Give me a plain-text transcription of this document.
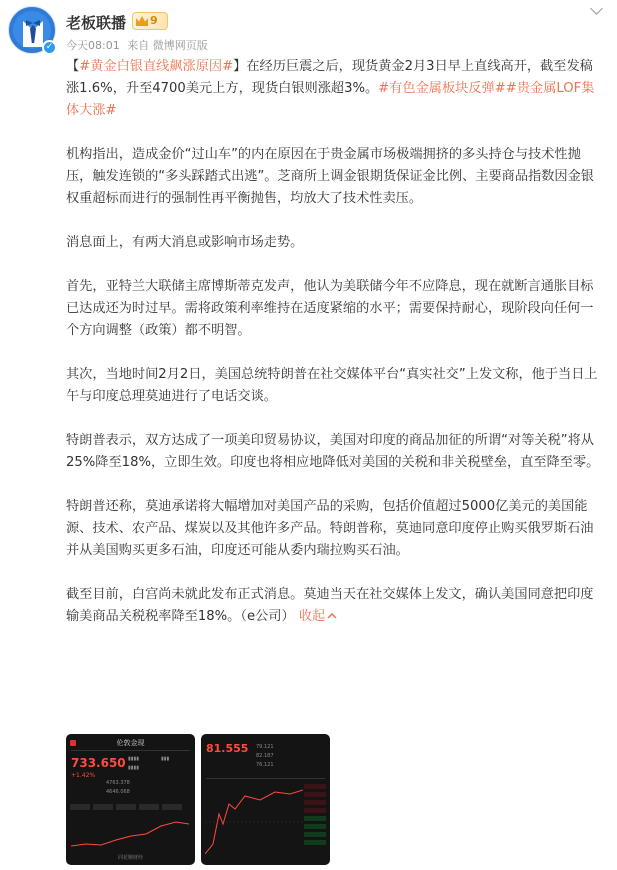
✓
老板联播 9
今天08:01 来自 微博网页版

【#黄金白银直线飙涨原因#】在经历巨震之后，现货黄金2月3日早上直线高开，截至发稿涨1.6%，升至4700美元上方，现货白银则涨超3%。#有色金属板块反弹##贵金属LOF集体大涨#

机构指出，造成金价“过山车”的内在原因在于贵金属市场极端拥挤的多头持仓与技术性抛压，触发连锁的“多头踩踏式出逃”。芝商所上调金银期货保证金比例、主要商品指数因金银权重超标而进行的强制性再平衡抛售，均放大了技术性卖压。

消息面上，有两大消息或影响市场走势。

首先，亚特兰大联储主席博斯蒂克发声，他认为美联储今年不应降息，现在就断言通胀目标已达成还为时过早。需将政策利率维持在适度紧缩的水平；需要保持耐心，现阶段向任何一个方向调整（政策）都不明智。

其次，当地时间2月2日，美国总统特朗普在社交媒体平台“真实社交”上发文称，他于当日上午与印度总理莫迪进行了电话交谈。

特朗普表示，双方达成了一项美印贸易协议，美国对印度的商品加征的所谓“对等关税”将从25%降至18%，立即生效。印度也将相应地降低对美国的关税和非关税壁垒，直至降至零。

特朗普还称，莫迪承诺将大幅增加对美国产品的采购，包括价值超过5000亿美元的美国能源、技术、农产品、煤炭以及其他许多产品。特朗普称，莫迪同意印度停止购买俄罗斯石油并从美国购买更多石油，印度还可能从委内瑞拉购买石油。

截至目前，白宫尚未就此发布正式消息。莫迪当天在社交媒体上发文，确认美国同意把印度输美商品关税税率降至18%。（e公司） 收起

伦敦金现
733.650
+1.42%
4763.378
4646.068
▮▮▮▮
▮▮▮▮
▮▮▮
同花顺财经
81.555 79.121
82.187
76.121
